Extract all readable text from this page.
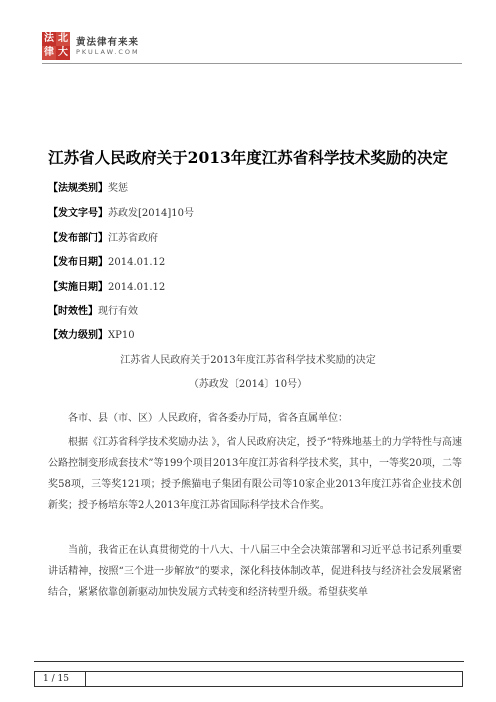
法 北
律 大
黄法律有来来
PKULAW.COM
江苏省人民政府关于2013年度江苏省科学技术奖励的决定
【法规类别】奖惩
【发文字号】苏政发[2014]10号
【发布部门】江苏省政府
【发布日期】2014.01.12
【实施日期】2014.01.12
【时效性】现行有效
【效力级别】XP10
江苏省人民政府关于2013年度江苏省科学技术奖励的决定
（苏政发〔2014〕10号）

各市、县（市、区）人民政府，省各委办厅局，省各直属单位：

根据《江苏省科学技术奖励办法 》，省人民政府决定，授予“特殊地基土的力学特性与高速公路控制变形成套技术”等199个项目2013年度江苏省科学技术奖，其中，一等奖20项，二等奖58项，三等奖121项；授予熊猫电子集团有限公司等10家企业2013年度江苏省企业技术创新奖；授予杨培东等2人2013年度江苏省国际科学技术合作奖。

当前，我省正在认真贯彻党的十八大、十八届三中全会决策部署和习近平总书记系列重要讲话精神，按照“三个进一步解放”的要求，深化科技体制改革，促进科技与经济社会发展紧密结合，紧紧依靠创新驱动加快发展方式转变和经济转型升级。希望获奖单

1 / 15
